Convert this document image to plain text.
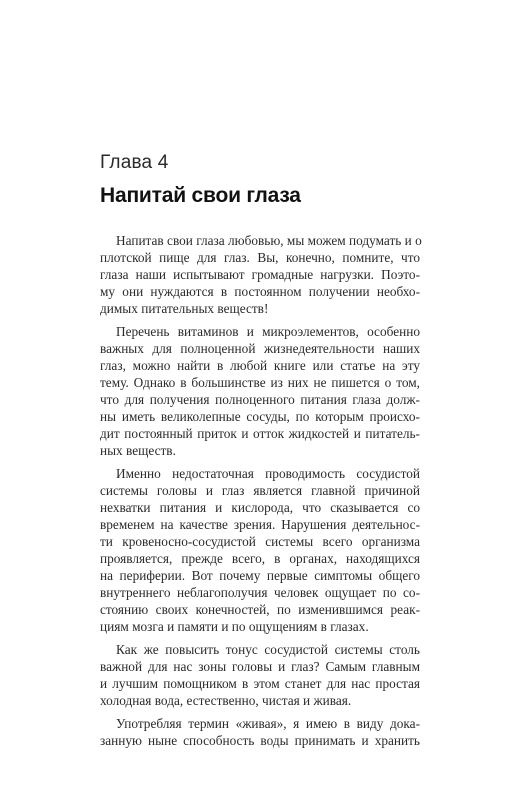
Глава 4
Напитай свои глаза
Напитав свои глаза любовью, мы можем подумать и о
плотской пище для глаз. Вы, конечно, помните, что
глаза наши испытывают громадные нагрузки. Поэто-
му они нуждаются в постоянном получении необхо-
димых питательных веществ!
Перечень витаминов и микроэлементов, особенно
важных для полноценной жизнедеятельности наших
глаз, можно найти в любой книге или статье на эту
тему. Однако в большинстве из них не пишется о том,
что для получения полноценного питания глаза долж-
ны иметь великолепные сосуды, по которым происхо-
дит постоянный приток и отток жидкостей и питатель-
ных веществ.
Именно недостаточная проводимость сосудистой
системы головы и глаз является главной причиной
нехватки питания и кислорода, что сказывается со
временем на качестве зрения. Нарушения деятельнос-
ти кровеносно-сосудистой системы всего организма
проявляется, прежде всего, в органах, находящихся
на периферии. Вот почему первые симптомы общего
внутреннего неблагополучия человек ощущает по со-
стоянию своих конечностей, по изменившимся реак-
циям мозга и памяти и по ощущениям в глазах.
Как же повысить тонус сосудистой системы столь
важной для нас зоны головы и глаз? Самым главным
и лучшим помощником в этом станет для нас простая
холодная вода, естественно, чистая и живая.
Употребляя термин «живая», я имею в виду дока-
занную ныне способность воды принимать и хранить
